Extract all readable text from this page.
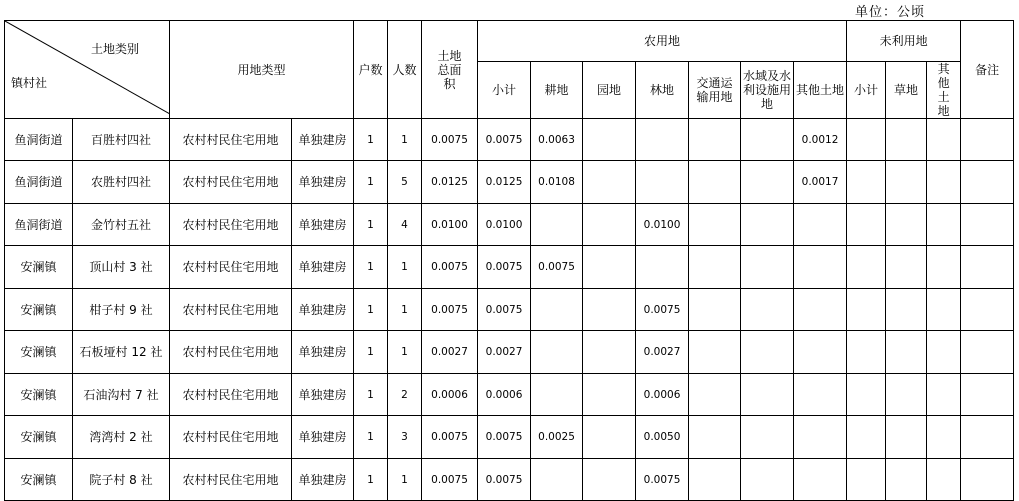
单位：公顷
土地类别
镇村社		用地类型		户数	人数	土地总面积	农用地							未利用地			备注
							小计	耕地	园地	林地	交通运输用地	水域及水利设施用地	其他土地	小计	草地	其他土地	
鱼洞街道	百胜村四社	农村村民住宅用地	单独建房	1	1	0.0075	0.0075	0.0063					0.0012				
鱼洞街道	农胜村四社	农村村民住宅用地	单独建房	1	5	0.0125	0.0125	0.0108					0.0017				
鱼洞街道	金竹村五社	农村村民住宅用地	单独建房	1	4	0.0100	0.0100			0.0100							
安澜镇	顶山村 3 社	农村村民住宅用地	单独建房	1	1	0.0075	0.0075	0.0075									
安澜镇	柑子村 9 社	农村村民住宅用地	单独建房	1	1	0.0075	0.0075			0.0075							
安澜镇	石板垭村 12 社	农村村民住宅用地	单独建房	1	1	0.0027	0.0027			0.0027							
安澜镇	石油沟村 7 社	农村村民住宅用地	单独建房	1	2	0.0006	0.0006			0.0006							
安澜镇	湾湾村 2 社	农村村民住宅用地	单独建房	1	3	0.0075	0.0075	0.0025		0.0050							
安澜镇	院子村 8 社	农村村民住宅用地	单独建房	1	1	0.0075	0.0075			0.0075							
